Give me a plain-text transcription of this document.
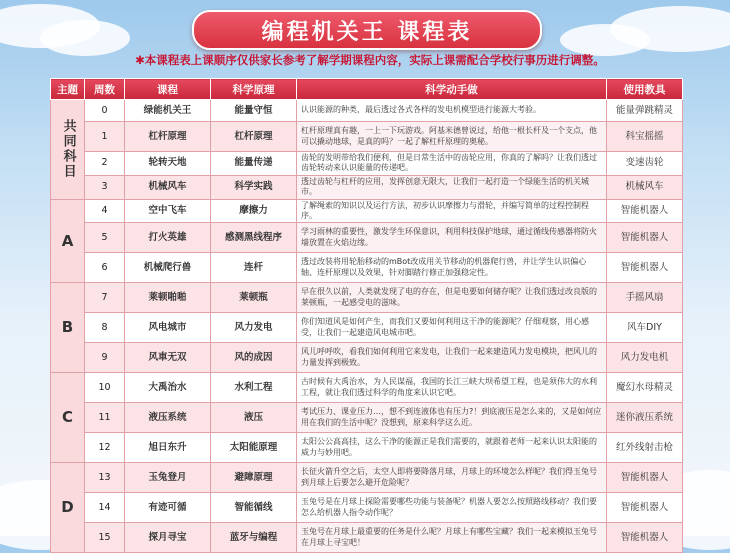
编程机关王 课程表
✱本课程表上课顺序仅供家长参考了解学期课程内容，实际上课需配合学校行事历进行调整。
主题	周数	课程	科学原理	科学动手做	使用教具
共同科目	0	绿能机关王	能量守恒	认识能源的种类，最后透过各式各样的发电机模型进行能源大考验。	能量弹跳精灵
	1	杠杆原理	杠杆原理	杠杆原理真有趣，一上一下玩游戏。阿基米德曾说过，给他一根长杆及一个支点，他可以撬动地球，是真的吗？一起了解杠杆原理的奥秘。	科宝摇摇
	2	轮转天地	能量传递	齿轮的发明带给我们便利，但是日常生活中的齿轮应用，你真的了解吗？让我们透过齿轮转动来认识能量的传递吧。	变速齿轮
	3	机械风车	科学实践	透过齿轮与杠杆的应用，发挥创意无限大，让我们一起打造一个绿能生活的机关城市。	机械风车
A	4	空中飞车	摩擦力	了解绳索的知识以及运行方法，初步认识摩擦力与滑轮，并编写简单的过程控制程序。	智能机器人
	5	打火英雄	感测黑线程序	学习雨林的重要性，激发学生环保意识，利用科技保护地球，通过循线传感器将防火墙放置在火焰边缘。	智能机器人
	6	机械爬行兽	连杆	透过改装将用轮胎移动的mBot改成用关节移动的机器爬行兽，并让学生认识偏心轴、连杆原理以及效果，针对脚踏行修正加强稳定性。	智能机器人
B	7	莱顿啪啪	莱顿瓶	早在很久以前，人类就发现了电的存在，但是电要如何储存呢？让我们透过改良版的莱顿瓶，一起感受电的滋味。	手摇风扇
	8	风电城市	风力发电	你们知道风是如何产生，而我们又要如何利用这干净的能源呢？仔细观察，用心感受，让我们一起建造风电城市吧。	风车DIY
	9	风車无双	风的成因	风儿呼呼吹，看我们如何利用它来发电，让我们一起来建造风力发电模块，把风儿的力量发挥到极致。	风力发电机
C	10	大禹治水	水利工程	古时候有大禹治水，为人民谋福，我国的长江三峡大坝希望工程，也是须伟大的水利工程，就让我们透过科学的角度来认识它吧。	魔幻水母精灵
	11	液压系统	液压	考试压力、课业压力…，想不到连液体也有压力?！到底液压是怎么来的，又是如何应用在我们的生活中呢？没想到，原来科学这么近。	迷你液压系统
	12	旭日东升	太阳能原理	太阳公公高高挂，这么干净的能源正是我们需要的，就跟着老师一起来认识太阳能的威力与妙用吧。	红外线射击枪
D	13	玉兔登月	避障原理	长征火箭升空之后，太空人即将要降落月球，月球上的环境怎么样呢？我们得玉兔号到月球上后要怎么避开危险呢？	智能机器人
	14	有迹可循	智能循线	玉兔号是在月球上探险需要哪些功能与装备呢？机器人要怎么按照路线移动？我们要怎么给机器人指令动作呢？	智能机器人
	15	探月寻宝	蓝牙与编程	玉兔号在月球上最重要的任务是什么呢？月球上有哪些宝藏？我们一起来模拟玉兔号在月球上寻宝吧！	智能机器人
